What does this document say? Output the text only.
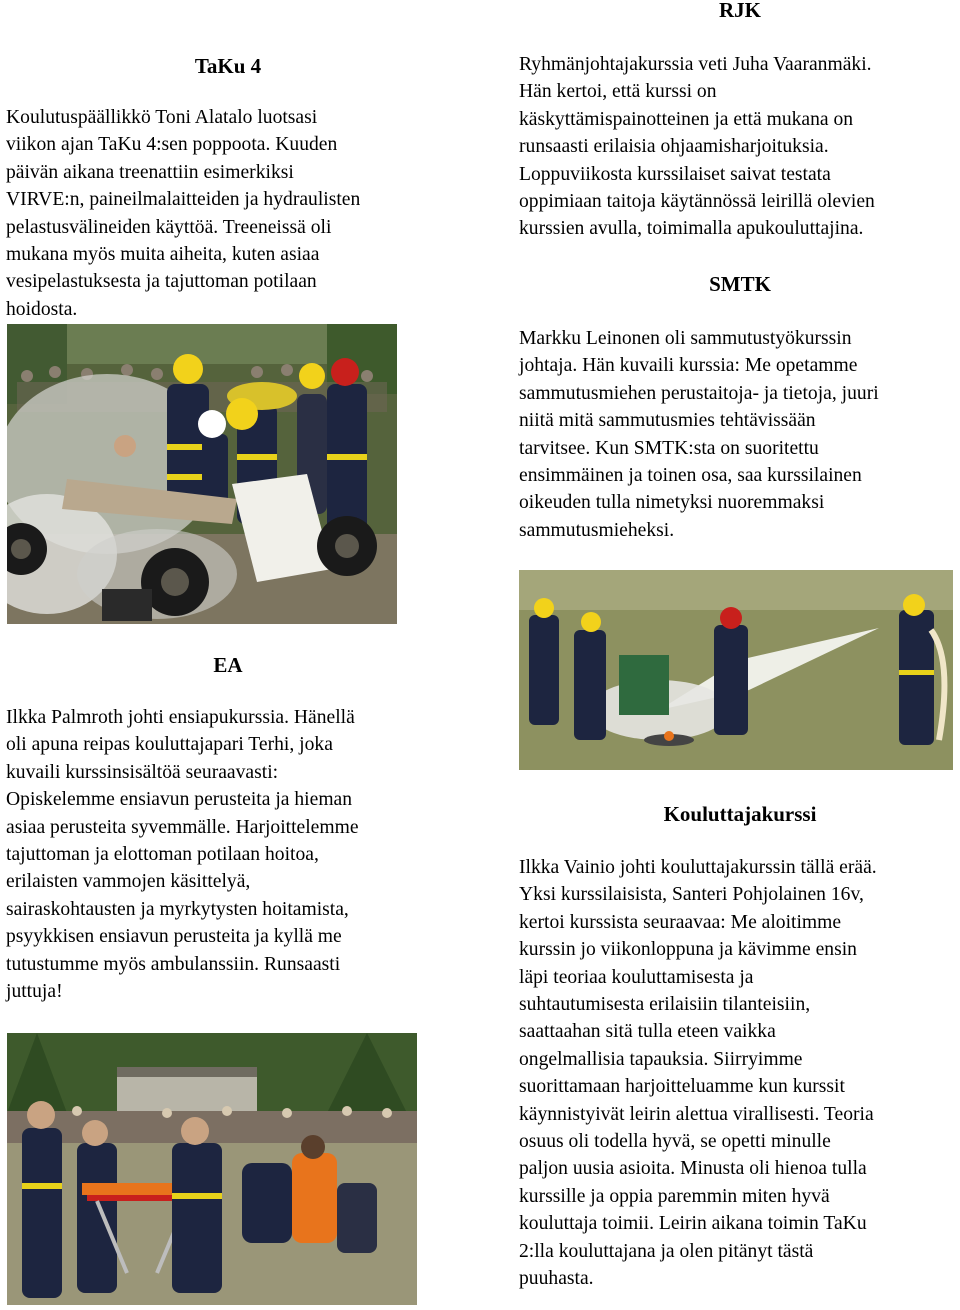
TaKu 4
Koulutuspäällikkö Toni Alatalo luotsasi
viikon ajan TaKu 4:sen poppoota. Kuuden
päivän aikana treenattiin esimerkiksi
VIRVE:n, paineilmalaitteiden ja hydraulisten
pelastusvälineiden käyttöä. Treeneissä oli
mukana myös muita aiheita, kuten asiaa
vesipelastuksesta ja tajuttoman potilaan
hoidosta.
EA
Ilkka Palmroth johti ensiapukurssia. Hänellä
oli apuna reipas kouluttajapari Terhi, joka
kuvaili kurssinsisältöä seuraavasti:
Opiskelemme ensiavun perusteita ja hieman
asiaa perusteita syvemmälle. Harjoittelemme
tajuttoman ja elottoman potilaan hoitoa,
erilaisten vammojen käsittelyä,
sairaskohtausten ja myrkytysten hoitamista,
psyykkisen ensiavun perusteita ja kyllä me
tutustumme myös ambulanssiin. Runsaasti
juttuja!
RJK
Ryhmänjohtajakurssia veti Juha Vaaranmäki.
Hän kertoi, että kurssi on
käskyttämispainotteinen ja että mukana on
runsaasti erilaisia ohjaamisharjoituksia.
Loppuviikosta kurssilaiset saivat testata
oppimiaan taitoja käytännössä leirillä olevien
kurssien avulla, toimimalla apukouluttajina.
SMTK
Markku Leinonen oli sammutustyökurssin
johtaja. Hän kuvaili kurssia: Me opetamme
sammutusmiehen perustaitoja- ja tietoja, juuri
niitä mitä sammutusmies tehtävissään
tarvitsee. Kun SMTK:sta on suoritettu
ensimmäinen ja toinen osa, saa kurssilainen
oikeuden tulla nimetyksi nuoremmaksi
sammutusmieheksi.
Kouluttajakurssi
Ilkka Vainio johti kouluttajakurssin tällä erää.
Yksi kurssilaisista, Santeri Pohjolainen 16v,
kertoi kurssista seuraavaa: Me aloitimme
kurssin jo viikonloppuna ja kävimme ensin
läpi teoriaa kouluttamisesta ja
suhtautumisesta erilaisiin tilanteisiin,
saattaahan sitä tulla eteen vaikka
ongelmallisia tapauksia. Siirryimme
suorittamaan harjoitteluamme kun kurssit
käynnistyivät leirin alettua virallisesti. Teoria
osuus oli todella hyvä, se opetti minulle
paljon uusia asioita. Minusta oli hienoa tulla
kurssille ja oppia paremmin miten hyvä
kouluttaja toimii. Leirin aikana toimin TaKu
2:lla kouluttajana ja olen pitänyt tästä
puuhasta.
